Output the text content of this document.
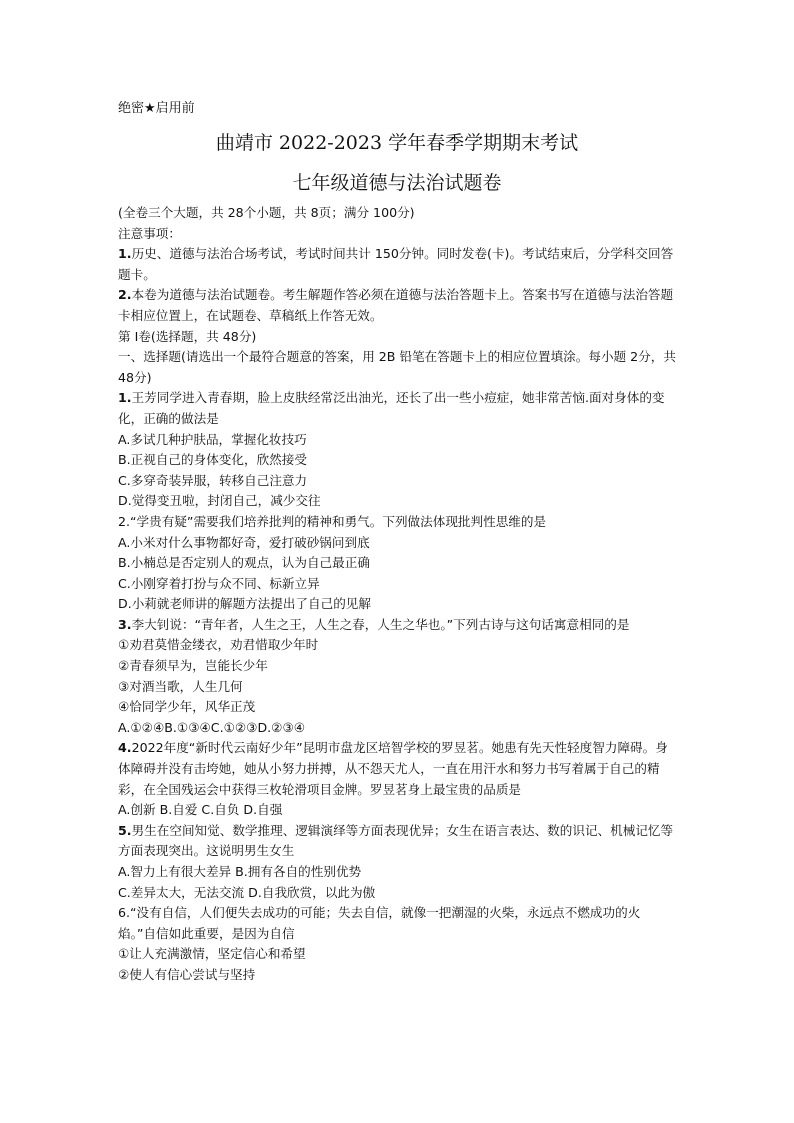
绝密★启用前
曲靖市 2022-2023 学年春季学期期末考试
七年级道德与法治试题卷

(全卷三个大题，共 28个小题，共 8页；满分 100分)

注意事项：

1.历史、道德与法治合场考试，考试时间共计 150分钟。同时发卷(卡)。考试结束后，分学科交回答题卡。

2.本卷为道德与法治试题卷。考生解题作答必须在道德与法治答题卡上。答案书写在道德与法治答题卡相应位置上，在试题卷、草稿纸上作答无效。

第 I卷(选择题，共 48分)

一、选择题(请选出一个最符合题意的答案，用 2B 铅笔在答题卡上的相应位置填涂。每小题 2分，共 48分)

1.王芳同学进入青春期，脸上皮肤经常泛出油光，还长了出一些小痘症，她非常苦恼.面对身体的变化，正确的做法是

A.多试几种护肤品，掌握化妆技巧

B.正视自己的身体变化，欣然接受

C.多穿奇装异服，转移自己注意力

D.觉得变丑啦，封闭自己，减少交往

2.“学贵有疑”需要我们培养批判的精神和勇气。下列做法体现批判性思维的是

A.小米对什么事物都好奇，爱打破砂锅问到底

B.小楠总是否定别人的观点，认为自己最正确

C.小刚穿着打扮与众不同、标新立异

D.小莉就老师讲的解题方法提出了自己的见解

3.李大钊说：“青年者，人生之王，人生之春，人生之华也。”下列古诗与这句话寓意相同的是

①劝君莫惜金缕衣，劝君惜取少年时

②青春须早为，岂能长少年

③对酒当歌，人生几何

④恰同学少年，风华正茂

A.①②④B.①③④C.①②③D.②③④

4.2022年度“新时代云南好少年”昆明市盘龙区培智学校的罗昱茗。她患有先天性轻度智力障碍。身体障碍并没有击垮她，她从小努力拼搏，从不怨天尤人，一直在用汗水和努力书写着属于自己的精彩，在全国残运会中获得三枚轮滑项目金牌。罗昱茗身上最宝贵的品质是

A.创新 B.自爱 C.自负 D.自强

5.男生在空间知觉、数学推理、逻辑演绎等方面表现优异；女生在语言表达、数的识记、机械记忆等方面表现突出。这说明男生女生

A.智力上有很大差异 B.拥有各自的性别优势

C.差异太大，无法交流 D.自我欣赏，以此为傲

6.“没有自信，人们便失去成功的可能；失去自信，就像一把潮湿的火柴，永远点不燃成功的火焰。”自信如此重要，是因为自信

①让人充满激情，坚定信心和希望

②使人有信心尝试与坚持
